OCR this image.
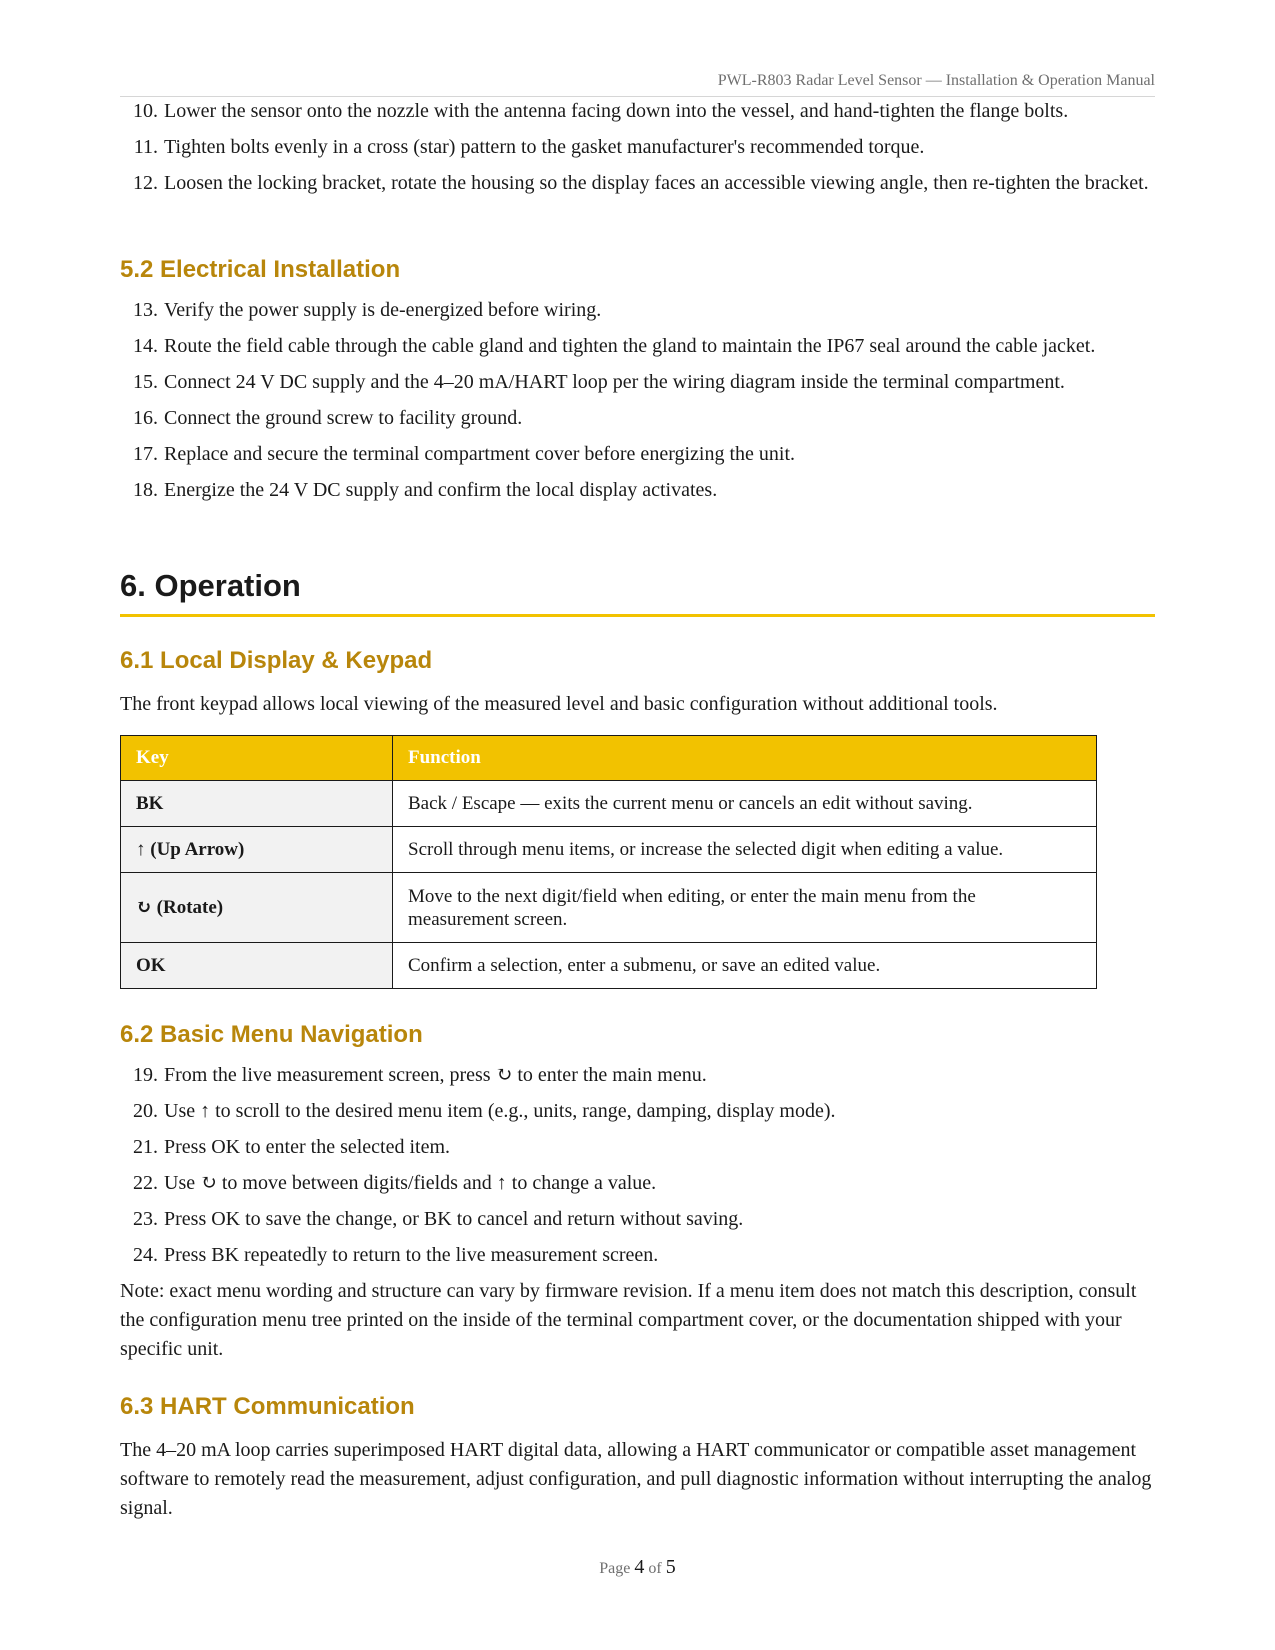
PWL-R803 Radar Level Sensor — Installation & Operation Manual
10. Lower the sensor onto the nozzle with the antenna facing down into the vessel, and hand-tighten the flange bolts.
11. Tighten bolts evenly in a cross (star) pattern to the gasket manufacturer's recommended torque.
12. Loosen the locking bracket, rotate the housing so the display faces an accessible viewing angle, then re-tighten the bracket.
5.2 Electrical Installation
13. Verify the power supply is de-energized before wiring.
14. Route the field cable through the cable gland and tighten the gland to maintain the IP67 seal around the cable jacket.
15. Connect 24 V DC supply and the 4–20 mA/HART loop per the wiring diagram inside the terminal compartment.
16. Connect the ground screw to facility ground.
17. Replace and secure the terminal compartment cover before energizing the unit.
18. Energize the 24 V DC supply and confirm the local display activates.
6. Operation
6.1 Local Display & Keypad

The front keypad allows local viewing of the measured level and basic configuration without additional tools.

Key	Function
BK	Back / Escape — exits the current menu or cancels an edit without saving.
↑ (Up Arrow)	Scroll through menu items, or increase the selected digit when editing a value.
↻ (Rotate)	Move to the next digit/field when editing, or enter the main menu from the measurement screen.
OK	Confirm a selection, enter a submenu, or save an edited value.
6.2 Basic Menu Navigation
19. From the live measurement screen, press ↻ to enter the main menu.
20. Use ↑ to scroll to the desired menu item (e.g., units, range, damping, display mode).
21. Press OK to enter the selected item.
22. Use ↻ to move between digits/fields and ↑ to change a value.
23. Press OK to save the change, or BK to cancel and return without saving.
24. Press BK repeatedly to return to the live measurement screen.

Note: exact menu wording and structure can vary by firmware revision. If a menu item does not match this description, consult the configuration menu tree printed on the inside of the terminal compartment cover, or the documentation shipped with your specific unit.

6.3 HART Communication

The 4–20 mA loop carries superimposed HART digital data, allowing a HART communicator or compatible asset management software to remotely read the measurement, adjust configuration, and pull diagnostic information without interrupting the analog signal.

Page 4 of 5
